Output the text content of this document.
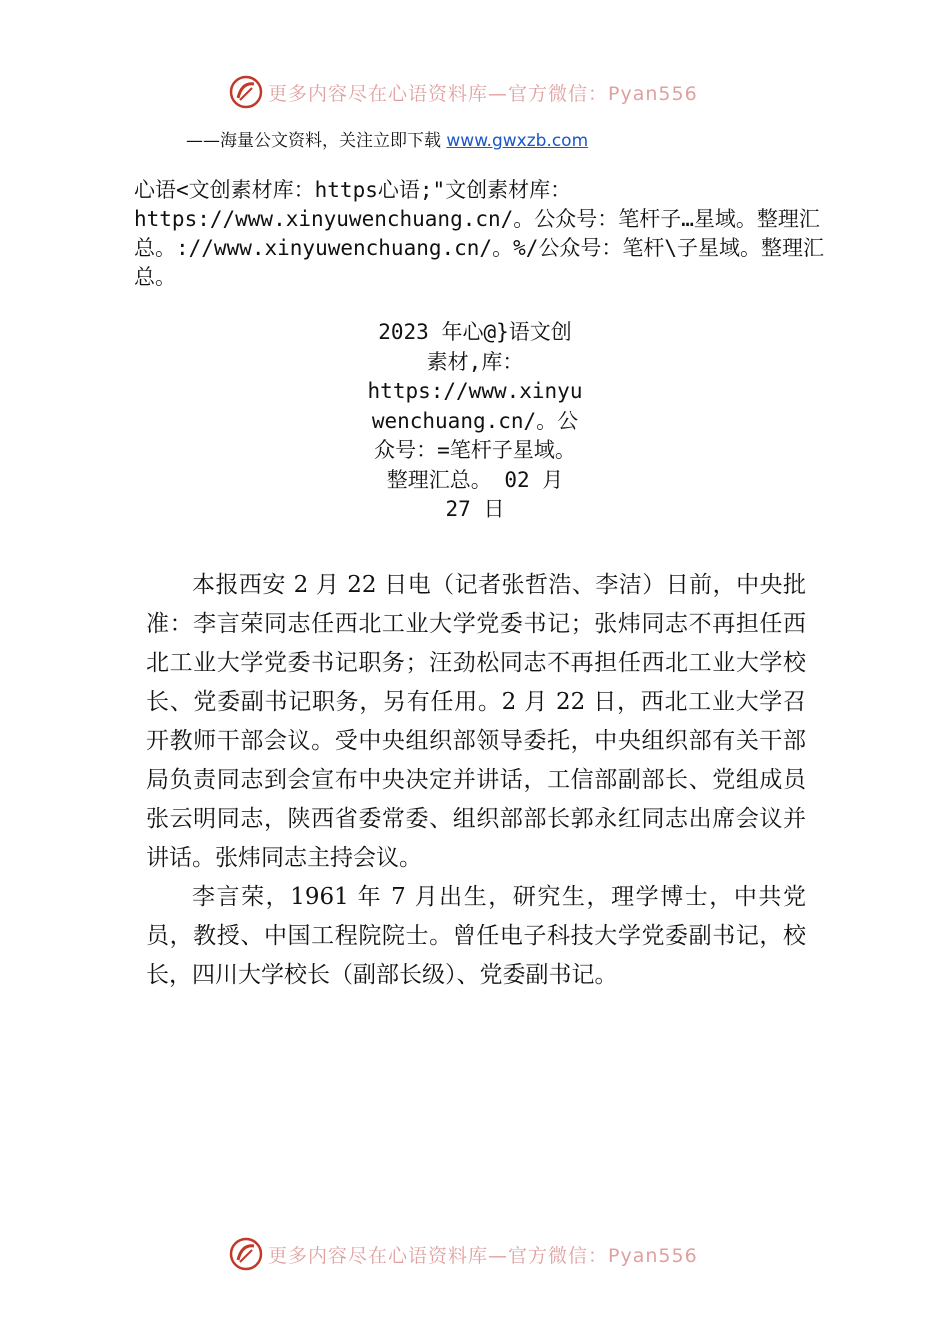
更多内容尽在心语资料库—官方微信：Pyan556
——海量公文资料，关注立即下载 www.gwxzb.com
心语<文创素材库：https心语;"文创素材库：https://www.xinyuwenchuang.cn/。公众号：笔杆子…星域。整理汇总。://www.xinyuwenchuang.cn/。%/公众号：笔杆\子星域。整理汇总。
2023 年心@}语文创
素材,库：
https://www.xinyu
wenchuang.cn/。公
众号：=笔杆子星域。
整理汇总。 02 月
27 日

本报西安 2 月 22 日电（记者张哲浩、李洁）日前，中央批准：李言荣同志任西北工业大学党委书记；张炜同志不再担任西北工业大学党委书记职务；汪劲松同志不再担任西北工业大学校长、党委副书记职务，另有任用。2 月 22 日，西北工业大学召开教师干部会议。受中央组织部领导委托，中央组织部有关干部局负责同志到会宣布中央决定并讲话，工信部副部长、党组成员张云明同志，陕西省委常委、组织部部长郭永红同志出席会议并讲话。张炜同志主持会议。

李言荣，1961 年 7 月出生，研究生，理学博士，中共党员，教授、中国工程院院士。曾任电子科技大学党委副书记，校长，四川大学校长（副部长级）、党委副书记。

更多内容尽在心语资料库—官方微信：Pyan556
